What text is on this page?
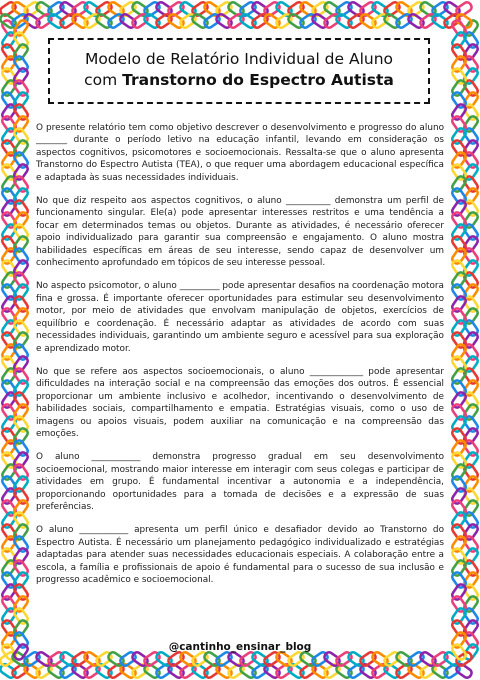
Modelo de Relatório Individual de Aluno
com Transtorno do Espectro Autista

O presente relatório tem como objetivo descrever o desenvolvimento e progresso do aluno _______ durante o período letivo na educação infantil, levando em consideração os aspectos cognitivos, psicomotores e socioemocionais. Ressalta-se que o aluno apresenta Transtorno do Espectro Autista (TEA), o que requer uma abordagem educacional específica e adaptada às suas necessidades individuais.

No que diz respeito aos aspectos cognitivos, o aluno __________ demonstra um perfil de funcionamento singular. Ele(a) pode apresentar interesses restritos e uma tendência a focar em determinados temas ou objetos. Durante as atividades, é necessário oferecer apoio individualizado para garantir sua compreensão e engajamento. O aluno mostra habilidades específicas em áreas de seu interesse, sendo capaz de desenvolver um conhecimento aprofundado em tópicos de seu interesse pessoal.

No aspecto psicomotor, o aluno _________ pode apresentar desafios na coordenação motora fina e grossa. É importante oferecer oportunidades para estimular seu desenvolvimento motor, por meio de atividades que envolvam manipulação de objetos, exercícios de equilíbrio e coordenação. É necessário adaptar as atividades de acordo com suas necessidades individuais, garantindo um ambiente seguro e acessível para sua exploração e aprendizado motor.

No que se refere aos aspectos socioemocionais, o aluno ____________ pode apresentar dificuldades na interação social e na compreensão das emoções dos outros. É essencial proporcionar um ambiente inclusivo e acolhedor, incentivando o desenvolvimento de habilidades sociais, compartilhamento e empatia. Estratégias visuais, como o uso de imagens ou apoios visuais, podem auxiliar na comunicação e na compreensão das emoções.

O aluno ___________ demonstra progresso gradual em seu desenvolvimento socioemocional, mostrando maior interesse em interagir com seus colegas e participar de atividades em grupo. É fundamental incentivar a autonomia e a independência, proporcionando oportunidades para a tomada de decisões e a expressão de suas preferências.

O aluno ___________ apresenta um perfil único e desafiador devido ao Transtorno do Espectro Autista. É necessário um planejamento pedagógico individualizado e estratégias adaptadas para atender suas necessidades educacionais especiais. A colaboração entre a escola, a família e profissionais de apoio é fundamental para o sucesso de sua inclusão e progresso acadêmico e socioemocional.

@cantinho_ensinar_blog
